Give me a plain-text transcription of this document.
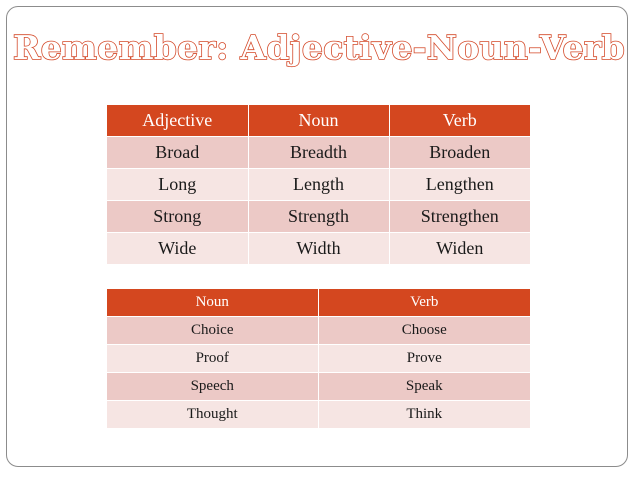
Remember: Adjective-Noun-Verb
Adjective	Noun	Verb
Broad	Breadth	Broaden
Long	Length	Lengthen
Strong	Strength	Strengthen
Wide	Width	Widen
Noun	Verb
Choice	Choose
Proof	Prove
Speech	Speak
Thought	Think
